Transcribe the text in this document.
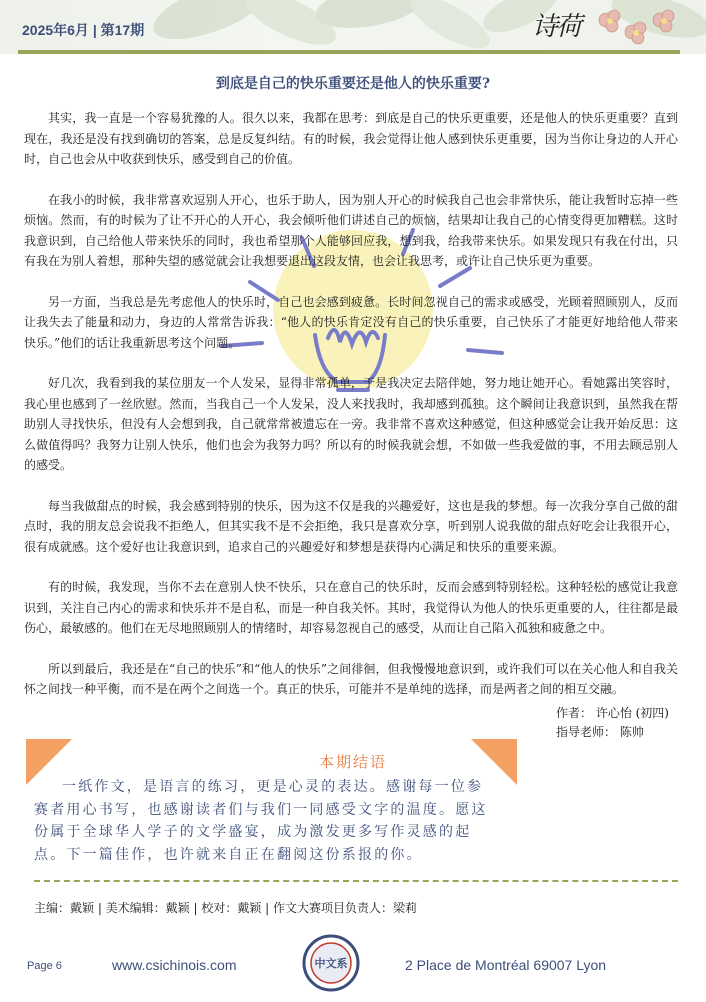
2025年6月 | 第17期	诗荷
到底是自己的快乐重要还是他人的快乐重要?

其实，我一直是一个容易犹豫的人。很久以来，我都在思考：到底是自己的快乐更重要，还是他人的快乐更重要？直到现在，我还是没有找到确切的答案，总是反复纠结。有的时候，我会觉得让他人感到快乐更重要，因为当你让身边的人开心时，自己也会从中收获到快乐，感受到自己的价值。

在我小的时候，我非常喜欢逗别人开心，也乐于助人，因为别人开心的时候我自己也会非常快乐，能让我暂时忘掉一些烦恼。然而，有的时候为了让不开心的人开心，我会倾听他们讲述自己的烦恼，结果却让我自己的心情变得更加糟糕。这时我意识到，自己给他人带来快乐的同时，我也希望那个人能够回应我，想到我，给我带来快乐。如果发现只有我在付出，只有我在为别人着想，那种失望的感觉就会让我想要退出这段友情，也会让我思考，或许让自己快乐更为重要。

另一方面，当我总是先考虑他人的快乐时，自己也会感到疲惫。长时间忽视自己的需求或感受，光顾着照顾别人，反而让我失去了能量和动力，身边的人常常告诉我：“他人的快乐肯定没有自己的快乐重要，自己快乐了才能更好地给他人带来快乐。”他们的话让我重新思考这个问题。

好几次，我看到我的某位朋友一个人发呆，显得非常孤单，于是我决定去陪伴她，努力地让她开心。看她露出笑容时，我心里也感到了一丝欣慰。然而，当我自己一个人发呆，没人来找我时，我却感到孤独。这个瞬间让我意识到，虽然我在帮助别人寻找快乐，但没有人会想到我，自己就常常被遗忘在一旁。我非常不喜欢这种感觉，但这种感觉会让我开始反思：这么做值得吗？我努力让别人快乐，他们也会为我努力吗？所以有的时候我就会想，不如做一些我爱做的事，不用去顾忌别人的感受。

每当我做甜点的时候，我会感到特别的快乐，因为这不仅是我的兴趣爱好，这也是我的梦想。每一次我分享自己做的甜点时，我的朋友总会说我不拒绝人，但其实我不是不会拒绝，我只是喜欢分享，听到别人说我做的甜点好吃会让我很开心，很有成就感。这个爱好也让我意识到，追求自己的兴趣爱好和梦想是获得内心满足和快乐的重要来源。

有的时候，我发现，当你不去在意别人快不快乐，只在意自己的快乐时，反而会感到特别轻松。这种轻松的感觉让我意识到，关注自己内心的需求和快乐并不是自私，而是一种自我关怀。其时，我觉得认为他人的快乐更重要的人，往往都是最伤心，最敏感的。他们在无尽地照顾别人的情绪时，却容易忽视自己的感受，从而让自己陷入孤独和疲惫之中。

所以到最后，我还是在“自己的快乐”和“他人的快乐”之间徘徊，但我慢慢地意识到，或许我们可以在关心他人和自我关怀之间找一种平衡，而不是在两个之间选一个。真正的快乐，可能并不是单纯的选择，而是两者之间的相互交融。

作者： 许心怡 (初四)
指导老师： 陈帅
本期结语
一纸作文，是语言的练习，更是心灵的表达。感谢每一位参赛者用心书写，也感谢读者们与我们一同感受文字的温度。愿这份属于全球华人学子的文学盛宴，成为激发更多写作灵感的起点。下一篇佳作，也许就来自正在翻阅这份系报的你。
主编：戴颖 | 美术编辑：戴颖 | 校对：戴颖 | 作文大赛项目负责人：梁莉
Page 6	www.csichinois.com	中文系	2 Place de Montréal 69007 Lyon
